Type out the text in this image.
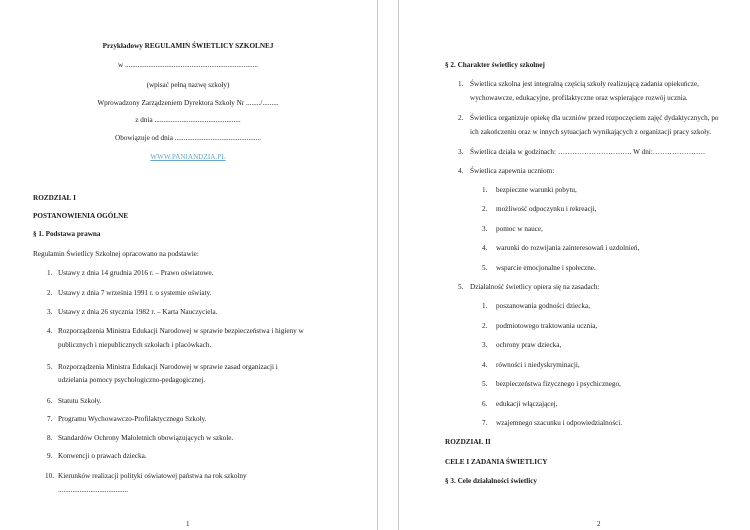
Przykładowy REGULAMIN ŚWIETLICY SZKOLNEJ
w ..........................................................................
(wpisać pełną nazwę szkoły)
Wprowadzony Zarządzeniem Dyrektora Szkoły Nr ......../.........
z dnia ................................................
Obowiązuje od dnia ................................................
WWW.PANIANDZIA.PL
ROZDZIAŁ I
POSTANOWIENIA OGÓLNE
§ 1. Podstawa prawna
Regulamin Świetlicy Szkolnej opracowano na podstawie:
1. Ustawy z dnia 14 grudnia 2016 r. – Prawo oświatowe.
2. Ustawy z dnia 7 września 1991 r. o systemie oświaty.
3. Ustawy z dnia 26 stycznia 1982 r. – Karta Nauczyciela.
4. Rozporządzenia Ministra Edukacji Narodowej w sprawie bezpieczeństwa i higieny w
publicznych i niepublicznych szkołach i placówkach.
5. Rozporządzenia Ministra Edukacji Narodowej w sprawie zasad organizacji i
udzielania pomocy psychologiczno-pedagogicznej.
6. Statutu Szkoły.
7. Programu Wychowawczo-Profilaktycznego Szkoły.
8. Standardów Ochrony Małoletnich obowiązujących w szkole.
9. Konwencji o prawach dziecka.
10. Kierunków realizacji polityki oświatowej państwa na rok szkolny
.......................................
1
§ 2. Charakter świetlicy szkolnej
1. Świetlica szkolna jest integralną częścią szkoły realizującą zadania opiekuńcze,
wychowawcze, edukacyjne, profilaktyczne oraz wspierające rozwój ucznia.
2. Świetlica organizuje opiekę dla uczniów przed rozpoczęciem zajęć dydaktycznych, po
ich zakończeniu oraz w innych sytuacjach wynikających z organizacji pracy szkoły.
3. Świetlica działa w godzinach: …………………………. W dni:………………….
4. Świetlica zapewnia uczniom:
1. bezpieczne warunki pobytu,
2. możliwość odpoczynku i rekreacji,
3. pomoc w nauce,
4. warunki do rozwijania zainteresowań i uzdolnień,
5. wsparcie emocjonalne i społeczne.
5. Działalność świetlicy opiera się na zasadach:
1. poszanowania godności dziecka,
2. podmiotowego traktowania ucznia,
3. ochrony praw dziecka,
4. równości i niedyskryminacji,
5. bezpieczeństwa fizycznego i psychicznego,
6. edukacji włączającej,
7. wzajemnego szacunku i odpowiedzialności.
ROZDZIAŁ II
CELE I ZADANIA ŚWIETLICY
§ 3. Cele działalności świetlicy
2
